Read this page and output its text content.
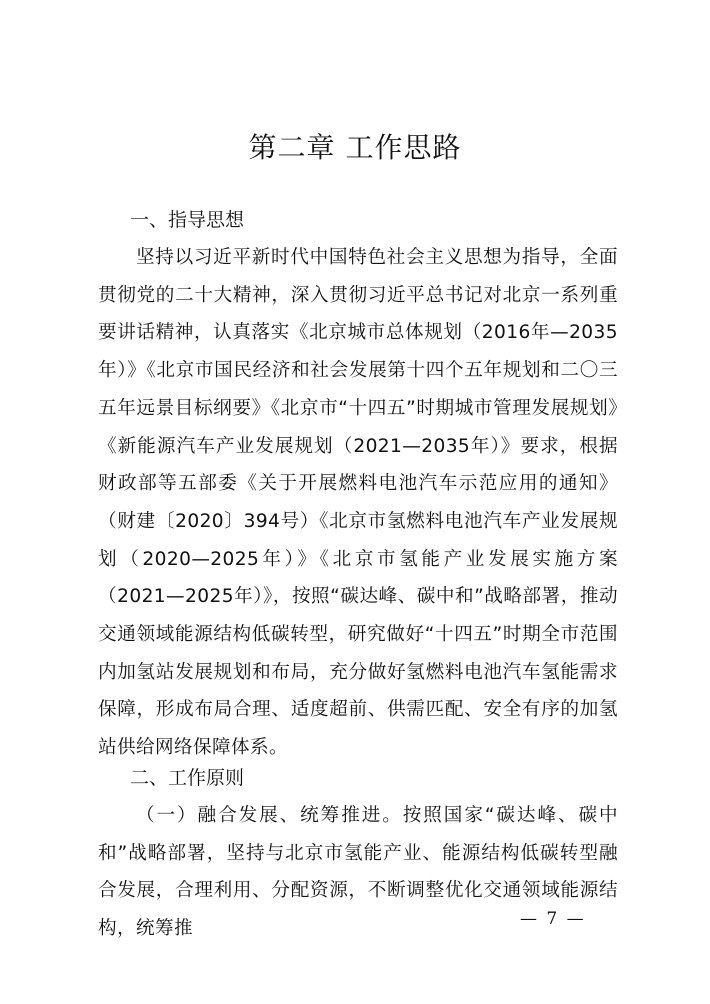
第二章 工作思路
一、指导思想
坚持以习近平新时代中国特色社会主义思想为指导，全面贯彻党的二十大精神，深入贯彻习近平总书记对北京一系列重要讲话精神，认真落实《北京城市总体规划（2016年—2035年）》《北京市国民经济和社会发展第十四个五年规划和二〇三五年远景目标纲要》《北京市“十四五”时期城市管理发展规划》《新能源汽车产业发展规划（2021—2035年）》要求，根据财政部等五部委《关于开展燃料电池汽车示范应用的通知》（财建〔2020〕394号）《北京市氢燃料电池汽车产业发展规划（2020—2025年）》《北京市氢能产业发展实施方案（2021—2025年）》，按照“碳达峰、碳中和”战略部署，推动交通领域能源结构低碳转型，研究做好“十四五”时期全市范围内加氢站发展规划和布局，充分做好氢燃料电池汽车氢能需求保障，形成布局合理、适度超前、供需匹配、安全有序的加氢站供给网络保障体系。
二、工作原则
（一）融合发展、统筹推进。按照国家“碳达峰、碳中和”战略部署，坚持与北京市氢能产业、能源结构低碳转型融合发展，合理利用、分配资源，不断调整优化交通领域能源结构，统筹推	— 7 —
